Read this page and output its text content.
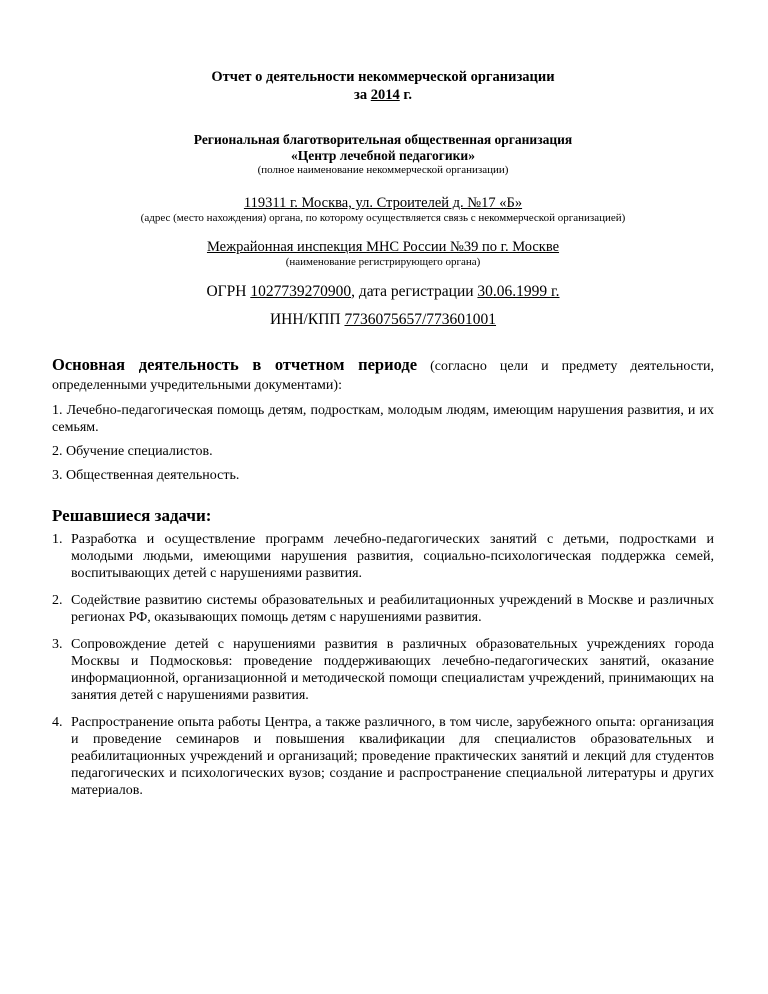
Отчет о деятельности некоммерческой организации
за 2014 г.
Региональная благотворительная общественная организация
«Центр лечебной педагогики»
(полное наименование некоммерческой организации)
119311 г. Москва, ул. Строителей д. №17 «Б»
(адрес (место нахождения) органа, по которому осуществляется связь с некоммерческой организацией)
Межрайонная инспекция МНС России №39 по г. Москве
(наименование регистрирующего органа)
ОГРН 1027739270900, дата регистрации 30.06.1999 г.
ИНН/КПП 7736075657/773601001
Основная деятельность в отчетном периоде (согласно цели и предмету деятельности, определенными учредительными документами):
1. Лечебно-педагогическая помощь детям, подросткам, молодым людям, имеющим нарушения развития, и их семьям.
2. Обучение специалистов.
3. Общественная деятельность.
Решавшиеся задачи:
1. Разработка и осуществление программ лечебно-педагогических занятий с детьми, подростками и молодыми людьми, имеющими нарушения развития, социально-психологическая поддержка семей, воспитывающих детей с нарушениями развития.
2. Содействие развитию системы образовательных и реабилитационных учреждений в Москве и различных регионах РФ, оказывающих помощь детям с нарушениями развития.
3. Сопровождение детей с нарушениями развития в различных образовательных учреждениях города Москвы и Подмосковья: проведение поддерживающих лечебно-педагогических занятий, оказание информационной, организационной и методической помощи специалистам учреждений, принимающих на занятия детей с нарушениями развития.
4. Распространение опыта работы Центра, а также различного, в том числе, зарубежного опыта: организация и проведение семинаров и повышения квалификации для специалистов образовательных и реабилитационных учреждений и организаций; проведение практических занятий и лекций для студентов педагогических и психологических вузов; создание и распространение специальной литературы и других материалов.
